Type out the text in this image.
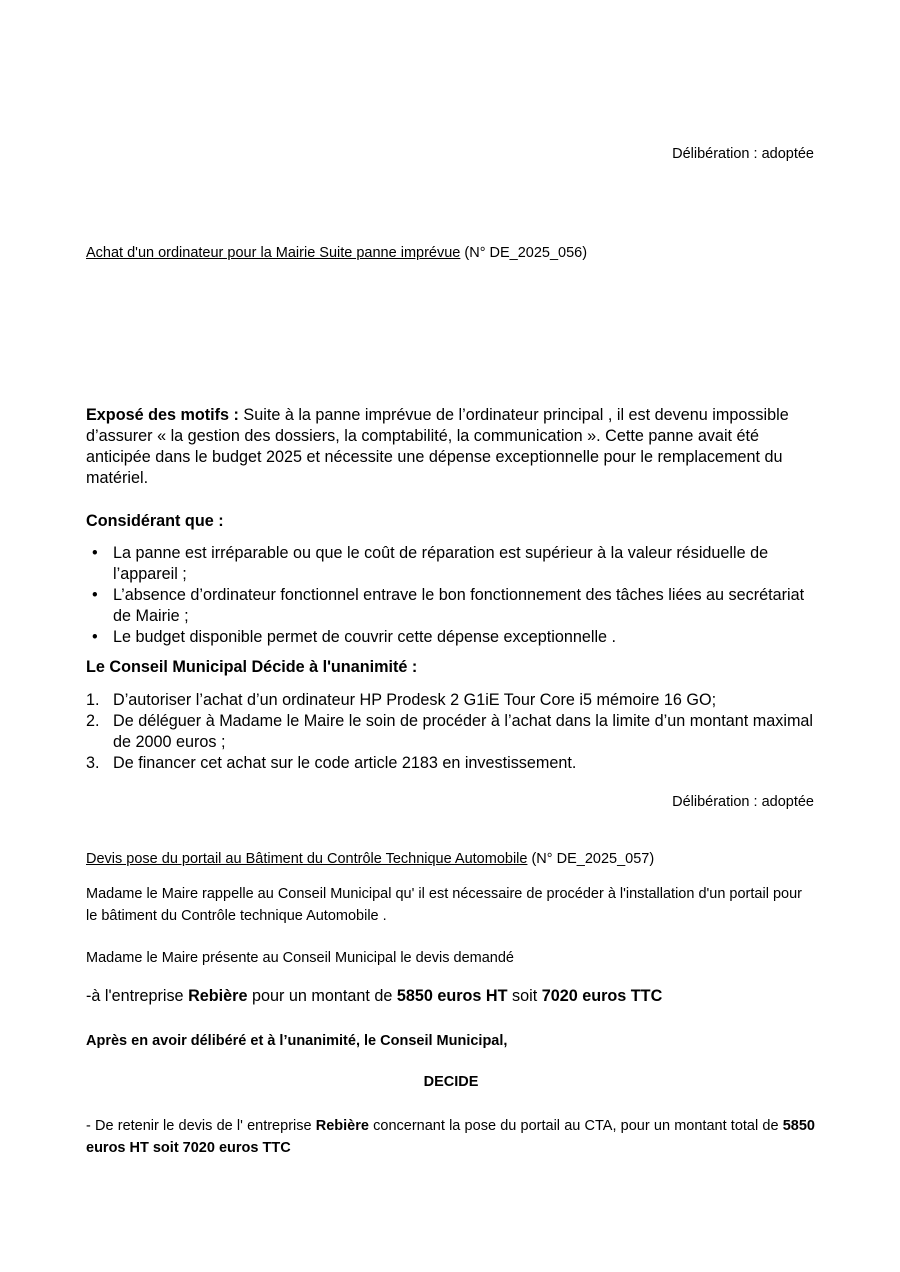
Délibération : adoptée
Achat d'un ordinateur pour la Mairie Suite panne imprévue (N° DE_2025_056)
Exposé des motifs : Suite à la panne imprévue de l’ordinateur principal , il est devenu impossible d’assurer « la gestion des dossiers, la comptabilité, la communication ». Cette panne avait été anticipée dans le budget 2025 et nécessite une dépense exceptionnelle pour le remplacement du matériel.
Considérant que :
• La panne est irréparable ou que le coût de réparation est supérieur à la valeur résiduelle de l’appareil ;
• L’absence d’ordinateur fonctionnel entrave le bon fonctionnement des tâches liées au secrétariat de Mairie ;
• Le budget disponible permet de couvrir cette dépense exceptionnelle .
Le Conseil Municipal Décide à l'unanimité :
1. D’autoriser l’achat d’un ordinateur HP Prodesk 2 G1iE Tour Core i5 mémoire 16 GO;
2. De déléguer à Madame le Maire le soin de procéder à l’achat dans la limite d’un montant maximal de 2000 euros ;
3. De financer cet achat sur le code article 2183 en investissement.
Délibération : adoptée
Devis pose du portail au Bâtiment du Contrôle Technique Automobile (N° DE_2025_057)
Madame le Maire rappelle au Conseil Municipal qu' il est nécessaire de procéder à l'installation d'un portail pour le bâtiment du Contrôle technique Automobile .
Madame le Maire présente au Conseil Municipal le devis demandé
-à l'entreprise Rebière pour un montant de 5850 euros HT soit 7020 euros TTC
Après en avoir délibéré et à l’unanimité, le Conseil Municipal,
DECIDE
- De retenir le devis de l' entreprise Rebière concernant la pose du portail au CTA, pour un montant total de 5850 euros HT soit 7020 euros TTC
